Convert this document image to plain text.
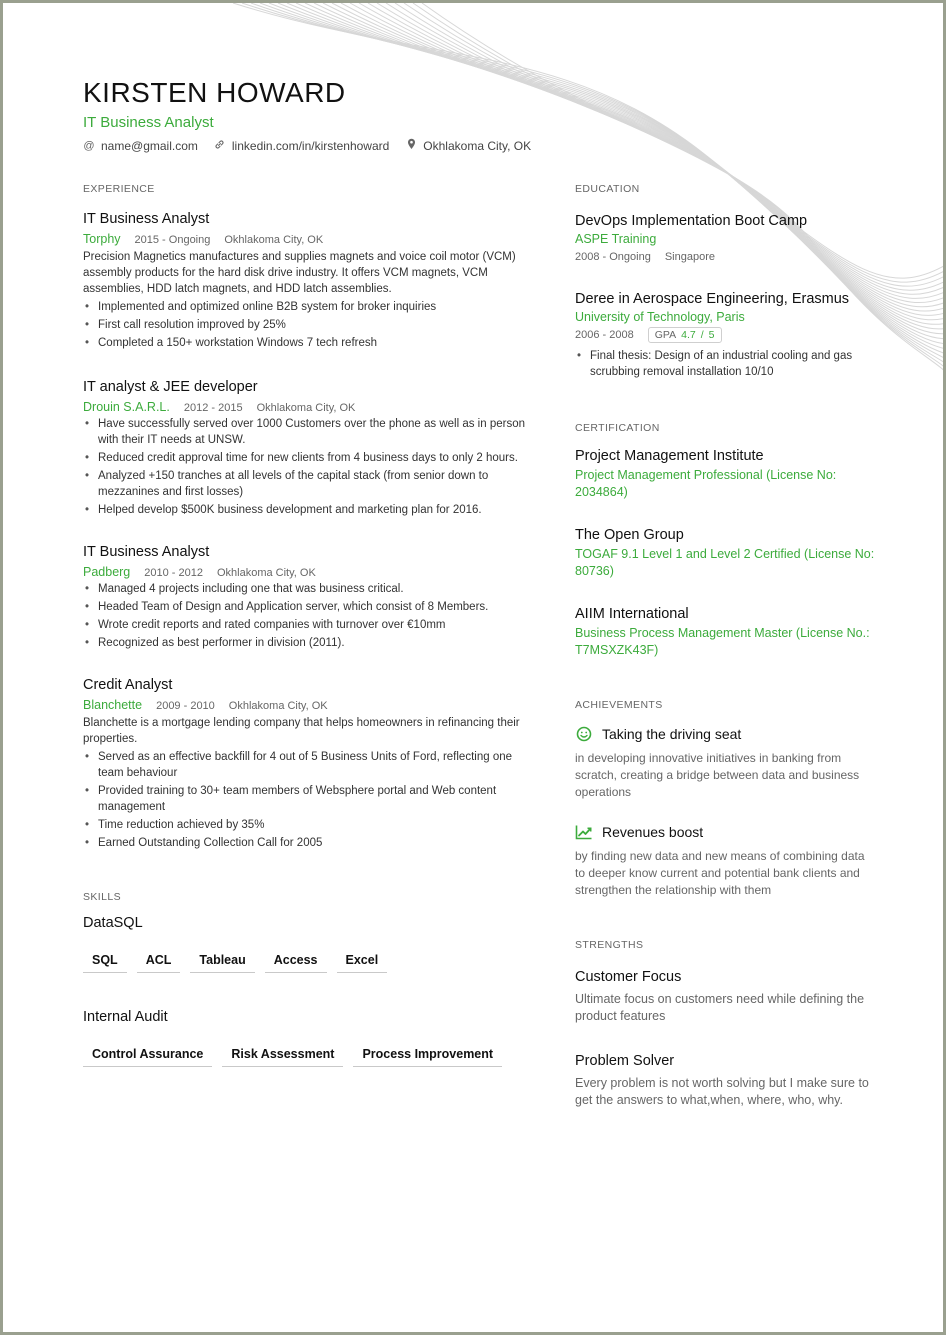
KIRSTEN HOWARD
IT Business Analyst
@ name@gmail.com	linkedin.com/in/kirstenhoward	Okhlakoma City, OK
EXPERIENCE
IT Business Analyst
Torphy 2015 - Ongoing Okhlakoma City, OK
Precision Magnetics manufactures and supplies magnets and voice coil motor (VCM) assembly products for the hard disk drive industry. It offers VCM magnets, VCM assemblies, HDD latch magnets, and HDD latch assemblies.
• Implemented and optimized online B2B system for broker inquiries
• First call resolution improved by 25%
• Completed a 150+ workstation Windows 7 tech refresh
IT analyst & JEE developer
Drouin S.A.R.L. 2012 - 2015 Okhlakoma City, OK
• Have successfully served over 1000 Customers over the phone as well as in person with their IT needs at UNSW.
• Reduced credit approval time for new clients from 4 business days to only 2 hours.
• Analyzed +150 tranches at all levels of the capital stack (from senior down to mezzanines and first losses)
• Helped develop $500K business development and marketing plan for 2016.
IT Business Analyst
Padberg 2010 - 2012 Okhlakoma City, OK
• Managed 4 projects including one that was business critical.
• Headed Team of Design and Application server, which consist of 8 Members.
• Wrote credit reports and rated companies with turnover over €10mm
• Recognized as best performer in division (2011).
Credit Analyst
Blanchette 2009 - 2010 Okhlakoma City, OK
Blanchette is a mortgage lending company that helps homeowners in refinancing their properties.
• Served as an effective backfill for 4 out of 5 Business Units of Ford, reflecting one team behaviour
• Provided training to 30+ team members of Websphere portal and Web content management
• Time reduction achieved by 35%
• Earned Outstanding Collection Call for 2005
SKILLS
DataSQL
SQL	ACL	Tableau	Access	Excel
Internal Audit
Control Assurance	Risk Assessment	Process Improvement
EDUCATION
DevOps Implementation Boot Camp
ASPE Training
2008 - Ongoing Singapore
Deree in Aerospace Engineering, Erasmus
University of Technology, Paris
2006 - 2008 GPA 4.7 / 5
• Final thesis: Design of an industrial cooling and gas scrubbing removal installation 10/10
CERTIFICATION
Project Management Institute
Project Management Professional (License No: 2034864)
The Open Group
TOGAF 9.1 Level 1 and Level 2 Certified (License No: 80736)
AIIM International
Business Process Management Master (License No.: T7MSXZK43F)
ACHIEVEMENTS
Taking the driving seat
in developing innovative initiatives in banking from scratch, creating a bridge between data and business operations
Revenues boost
by finding new data and new means of combining data to deeper know current and potential bank clients and strengthen the relationship with them
STRENGTHS
Customer Focus
Ultimate focus on customers need while defining the product features
Problem Solver
Every problem is not worth solving but I make sure to get the answers to what,when, where, who, why.
